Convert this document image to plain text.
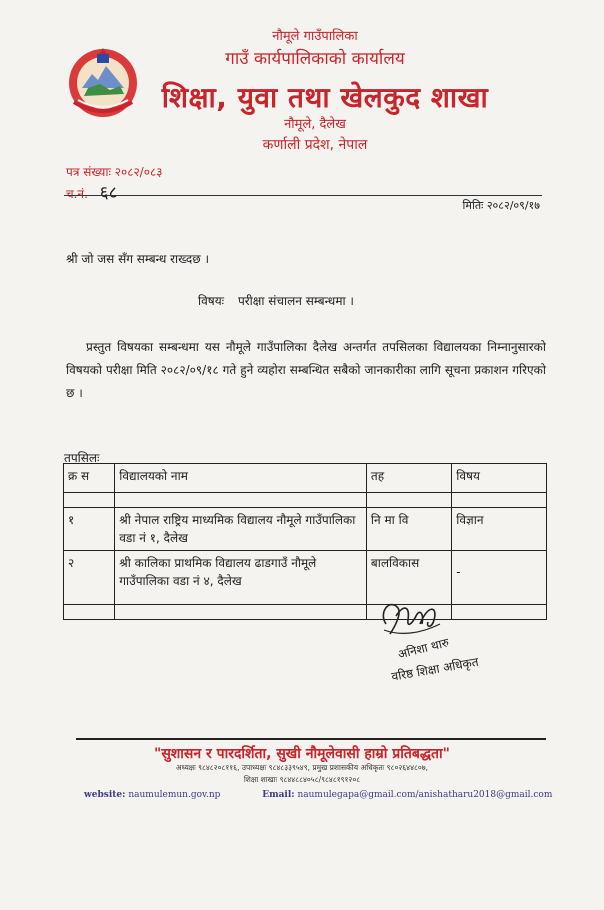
नौमूले गाउँपालिका
गाउँ कार्यपालिकाको कार्यालय
शिक्षा, युवा तथा खेलकुद शाखा
नौमूले, दैलेख
कर्णाली प्रदेश, नेपाल
पत्र संख्याः २०८२/०८३
च.नं. ६८
मितिः २०८२/०९/१७
श्री जो जस सँग सम्बन्ध राख्दछ ।
विषयः परीक्षा संचालन सम्बन्धमा ।
प्रस्तुत विषयका सम्बन्धमा यस नौमूले गाउँपालिका दैलेख अन्तर्गत तपसिलका विद्यालयका निम्नानुसारको विषयको परीक्षा मिति २०८२/०९/१८ गते हुने व्यहोरा सम्बन्धित सबैको जानकारीका लागि सूचना प्रकाशन गरिएको छ ।
तपसिलः
क्र स	विद्यालयको नाम	तह	विषय

१	श्री नेपाल राष्ट्रिय माध्यमिक विद्यालय नौमूले गाउँपालिका वडा नं १, दैलेख	नि मा वि	विज्ञान
२	श्री कालिका प्राथमिक विद्यालय ढाडगाउँ नौमूले गाउँपालिका वडा नं ४, दैलेख	बालविकास	-

अनिशा थारु
वरिष्ठ शिक्षा अधिकृत
"सुशासन र पारदर्शिता, सुखी नौमूलेवासी हाम्रो प्रतिबद्धता"
अध्यक्षः ९८४८२०८११६, उपाध्यक्षः ९८४८३३९५४९, प्रमुख प्रशासकीय अधिकृतः ९८०२६४४८०७,
शिक्षा शाखाः ९८४४८८४०५८/९८४८१९१२०८
website: naumulemun.gov.np	Email: naumulegapa@gmail.com/anishatharu2018@gmail.com
